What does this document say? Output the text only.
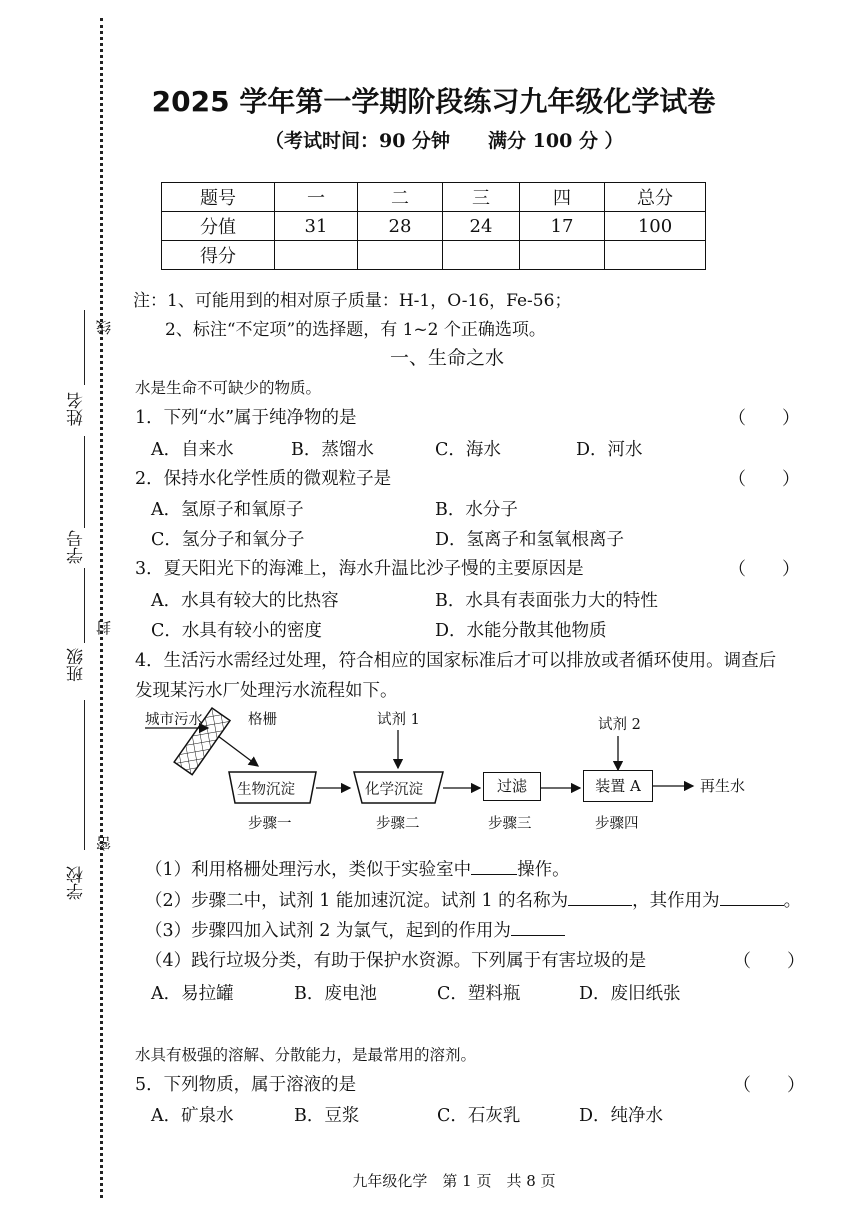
姓名
学号
班级
学校
线
封
密
2025 学年第一学期阶段练习九年级化学试卷
（考试时间：90 分钟　　满分 100 分 ）
题号	一	二	三	四	总分
分值	31	28	24	17	100
得分					
注：1、可能用到的相对原子质量：H-1，O-16，Fe-56；
2、标注“不定项”的选择题，有 1~2 个正确选项。
一、生命之水
水是生命不可缺少的物质。
1．下列“水”属于纯净物的是	（　　）
A．自来水	B．蒸馏水	C．海水	D．河水
2．保持水化学性质的微观粒子是	（　　）
A．氢原子和氧原子	B．水分子
C．氢分子和氧分子	D．氢离子和氢氧根离子
3．夏天阳光下的海滩上，海水升温比沙子慢的主要原因是	（　　）
A．水具有较大的比热容	B．水具有表面张力大的特性
C．水具有较小的密度	D．水能分散其他物质
4．生活污水需经过处理，符合相应的国家标准后才可以排放或者循环使用。调查后
发现某污水厂处理污水流程如下。
城市污水	格栅	试剂 1	试剂 2
生物沉淀	化学沉淀	过滤	装置 A	再生水
步骤一	步骤二	步骤三	步骤四
（1）利用格栅处理污水，类似于实验室中	操作。
（2）步骤二中，试剂 1 能加速沉淀。试剂 1 的名称为	，其作用为	。
（3）步骤四加入试剂 2 为氯气，起到的作用为
（4）践行垃圾分类，有助于保护水资源。下列属于有害垃圾的是	（　　）
A．易拉罐	B．废电池	C．塑料瓶	D．废旧纸张
水具有极强的溶解、分散能力，是最常用的溶剂。
5．下列物质，属于溶液的是	（　　）
A．矿泉水	B．豆浆	C．石灰乳	D．纯净水
九年级化学　第 1 页　共 8 页
